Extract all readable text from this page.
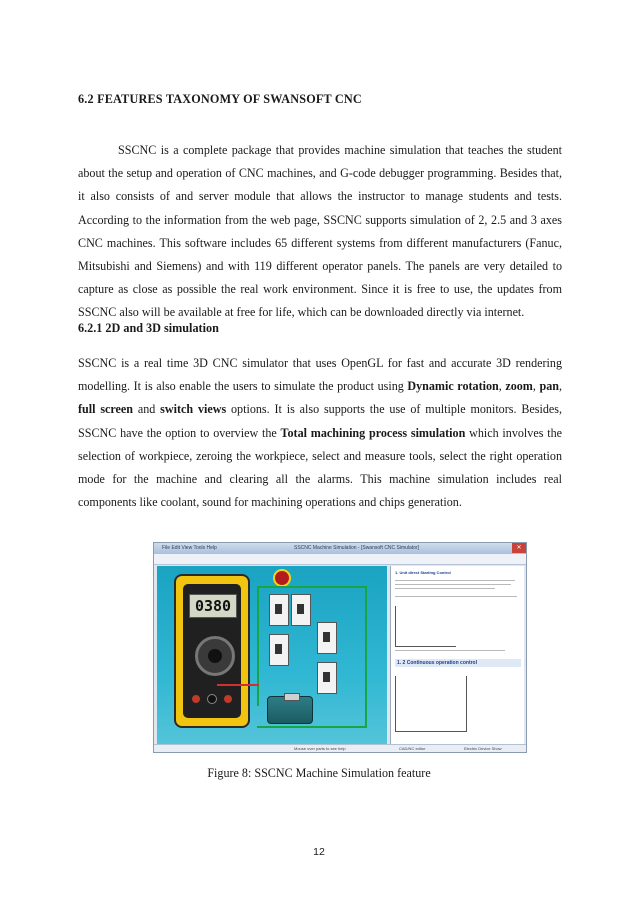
6.2 FEATURES TAXONOMY OF SWANSOFT CNC

SSCNC is a complete package that provides machine simulation that teaches the student about the setup and operation of CNC machines, and G-code debugger programming. Besides that, it also consists of and server module that allows the instructor to manage students and tests. According to the information from the web page, SSCNC supports simulation of 2, 2.5 and 3 axes CNC machines. This software includes 65 different systems from different manufacturers (Fanuc, Mitsubishi and Siemens) and with 119 different operator panels. The panels are very detailed to capture as close as possible the real work environment. Since it is free to use, the updates from SSCNC also will be available at free for life, which can be downloaded directly via internet.

6.2.1 2D and 3D simulation

SSCNC is a real time 3D CNC simulator that uses OpenGL for fast and accurate 3D rendering modelling. It is also enable the users to simulate the product using Dynamic rotation, zoom, pan, full screen and switch views options. It is also supports the use of multiple monitors. Besides, SSCNC have the option to overview the Total machining process simulation which involves the selection of workpiece, zeroing the workpiece, select and measure tools, select the right operation mode for the machine and clearing all the alarms. This machine simulation includes real components like coolant, sound for machining operations and chips generation.

File Edit View Tools Help	SSCNC Machine Simulation - [Swansoft CNC Simulator]	✕
0380
1. Unit direct Starting Control
1. 2 Continuous operation control
Mouse over parts to see help	CAD/NC editor	Electric Device Show
Figure 8: SSCNC Machine Simulation feature
12
